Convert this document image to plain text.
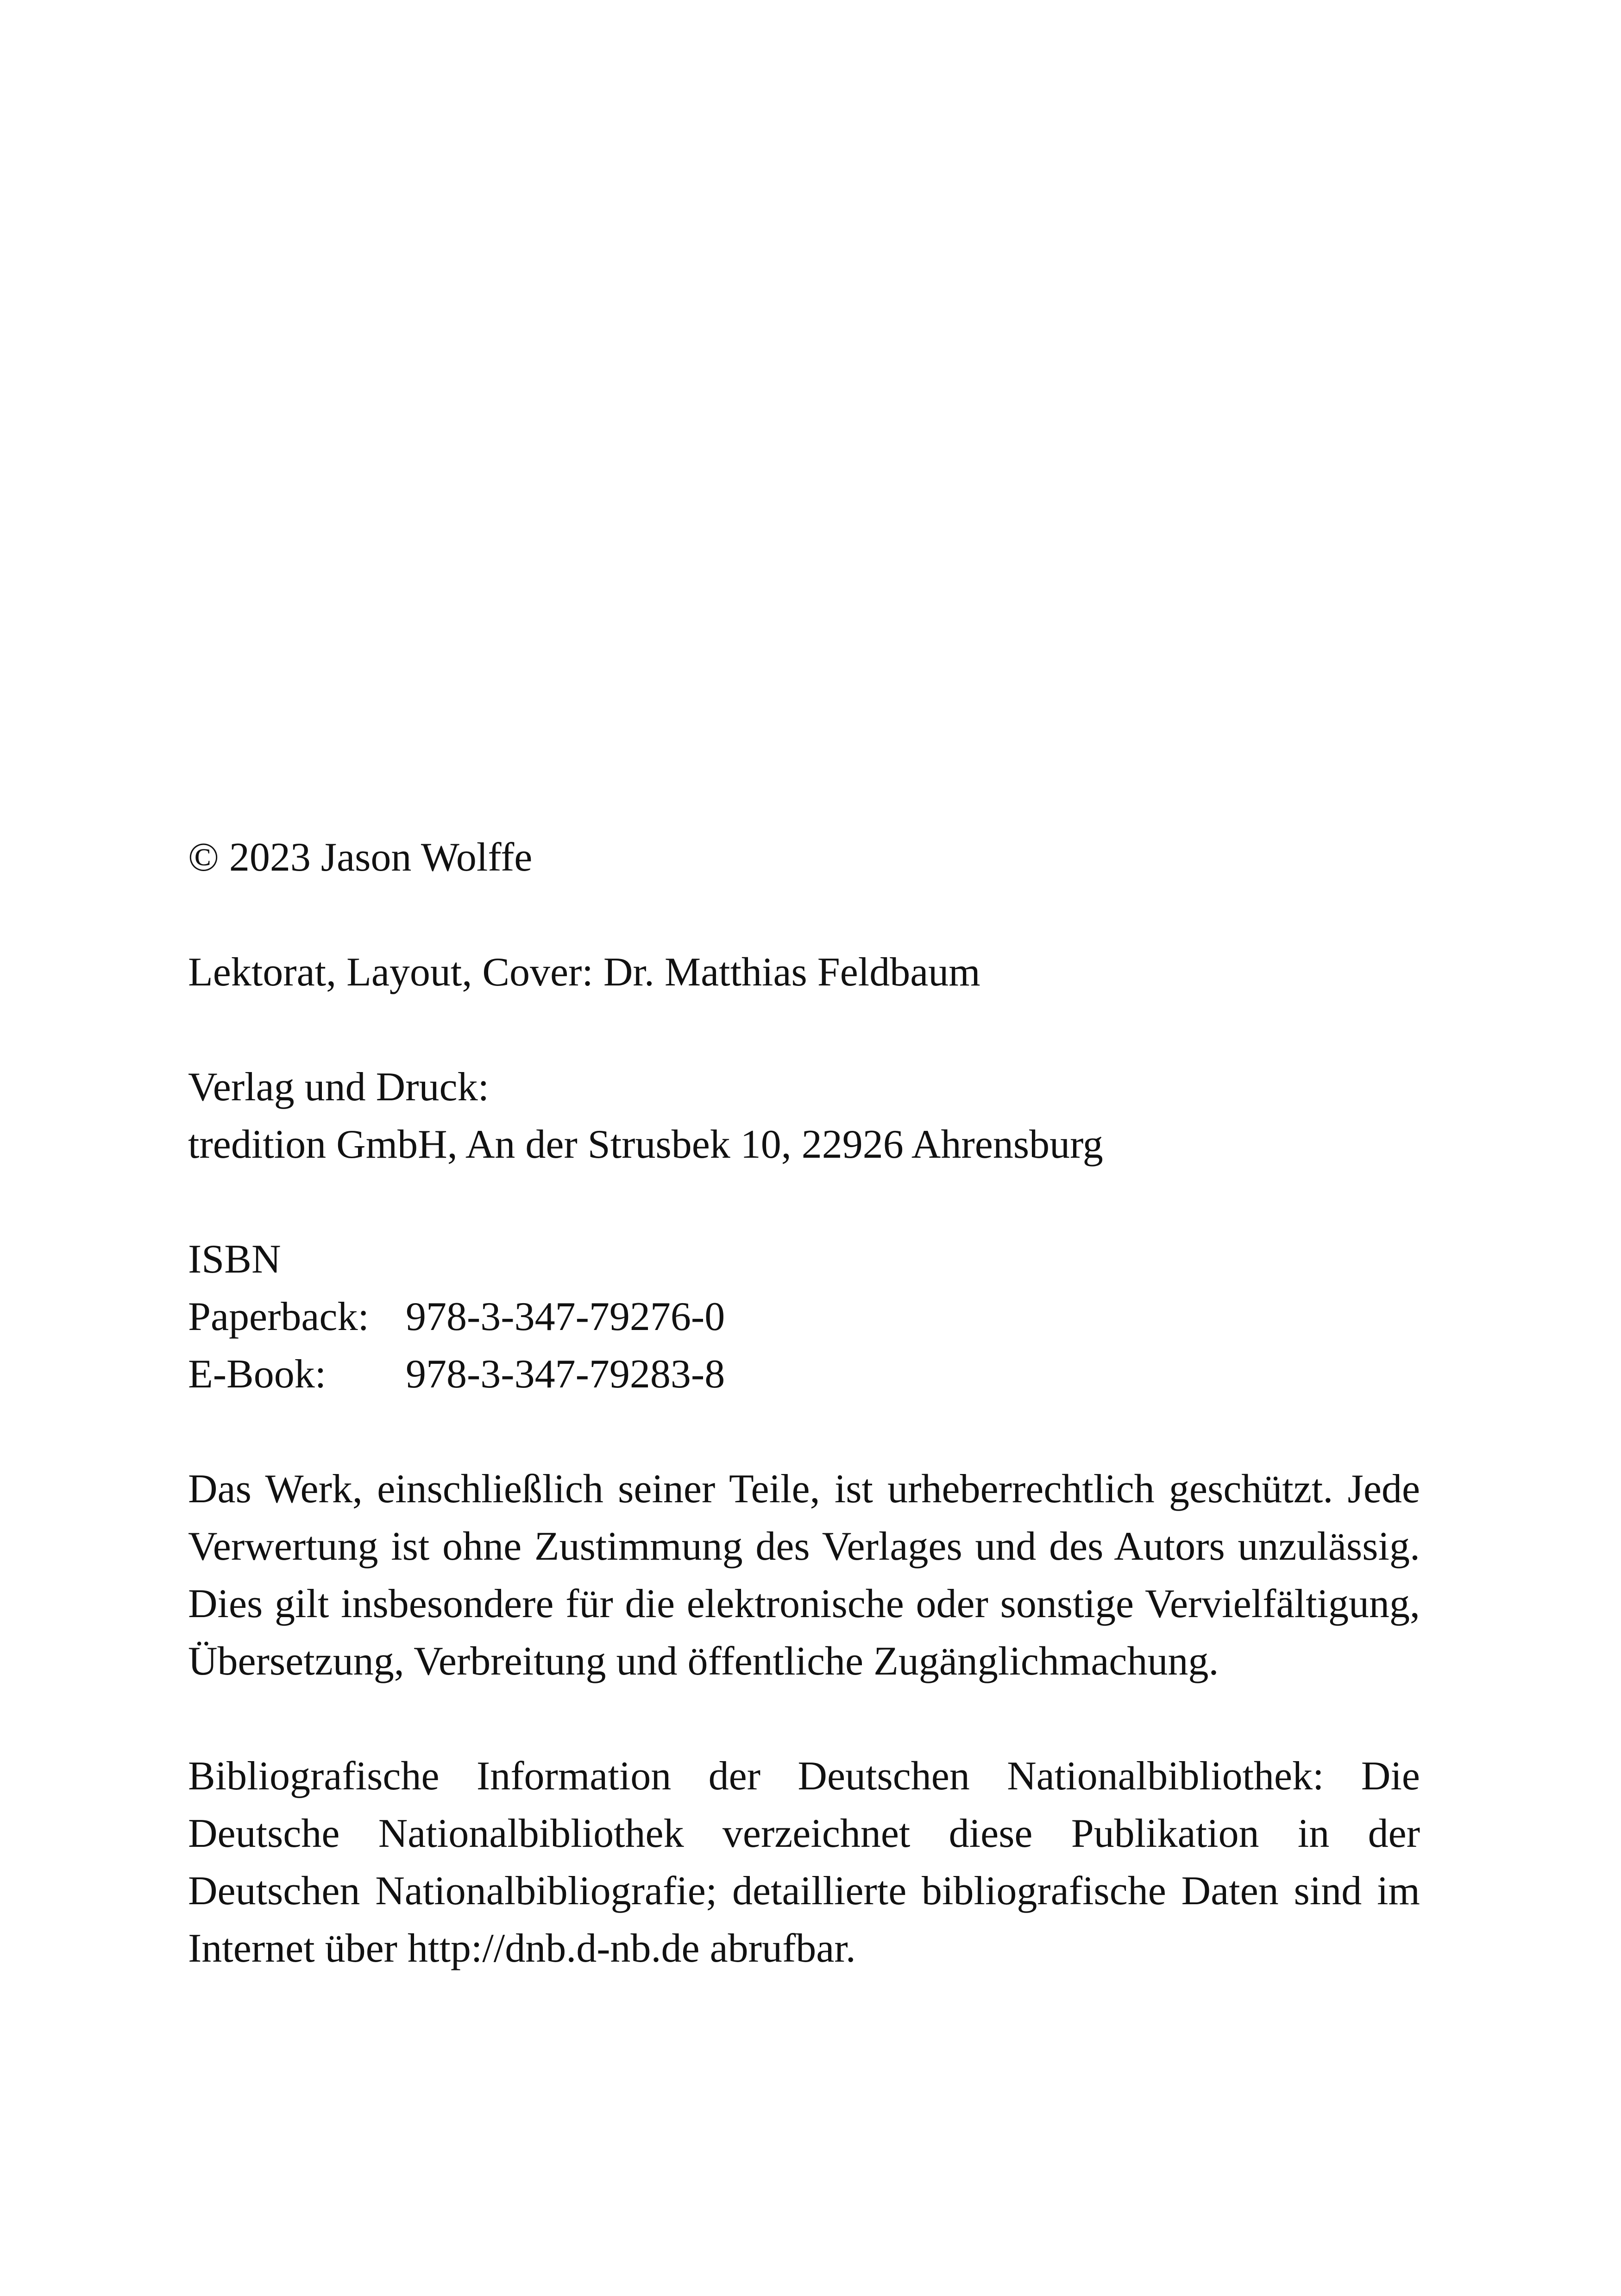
© 2023 Jason Wolffe

Lektorat, Layout, Cover: Dr. Matthias Feldbaum

Verlag und Druck:

tredition GmbH, An der Strusbek 10, 22926 Ahrensburg

ISBN

Paperback: 978-3-347-79276-0
E-Book:	978-3-347-79283-8

Das Werk, einschließlich seiner Teile, ist urheberrechtlich geschützt. Jede Verwertung ist ohne Zustimmung des Verlages und des Autors unzulässig. Dies gilt insbesondere für die elektronische oder sonstige Vervielfältigung, Übersetzung, Verbreitung und öffentliche Zugänglichmachung.

Bibliografische Information der Deutschen Nationalbibliothek: Die Deutsche Nationalbibliothek verzeichnet diese Publikation in der Deutschen Nationalbibliografie; detaillierte bibliografische Daten sind im Internet über http://dnb.d-nb.de abrufbar.
